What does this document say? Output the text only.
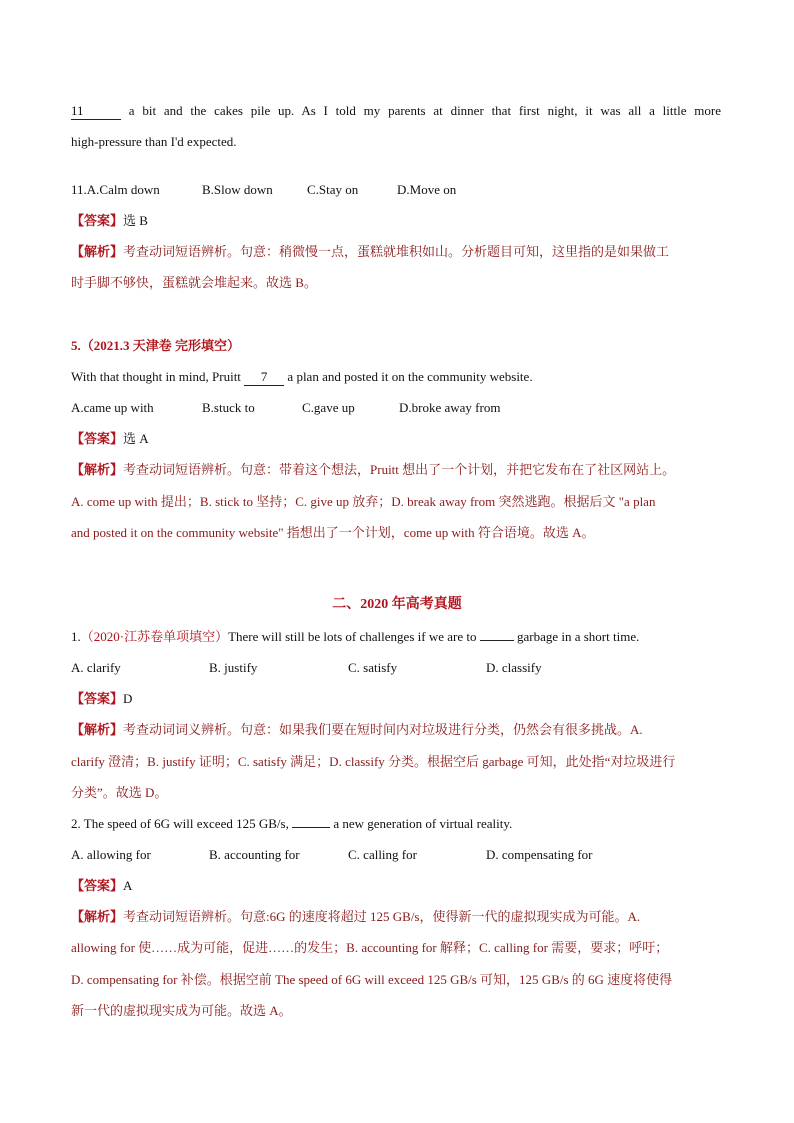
11	a bit and the cakes pile up. As I told my parents at dinner that first night, it was all a little more
high-pressure than I'd expected.
11.A.Calm down	B.Slow down	C.Stay on	D.Move on
【答案】选 B
【解析】考查动词短语辨析。句意：稍微慢一点，蛋糕就堆积如山。分析题目可知，这里指的是如果做工
时手脚不够快，蛋糕就会堆起来。故选 B。
5.（2021.3 天津卷 完形填空）
With that thought in mind, Pruitt 7 a plan and posted it on the community website.
A.came up with	B.stuck to	C.gave up	D.broke away from
【答案】选 A
【解析】考查动词短语辨析。句意：带着这个想法，Pruitt 想出了一个计划，并把它发布在了社区网站上。
A. come up with 提出；B. stick to 坚持；C. give up 放弃；D. break away from 突然逃跑。根据后文 "a plan
and posted it on the community website" 指想出了一个计划，come up with 符合语境。故选 A。
二、2020 年高考真题
1.（2020·江苏卷单项填空）There will still be lots of challenges if we are to	garbage in a short time.
A. clarify	B. justify	C. satisfy	D. classify
【答案】D
【解析】考查动词词义辨析。句意：如果我们要在短时间内对垃圾进行分类，仍然会有很多挑战。A.
clarify 澄清；B. justify 证明；C. satisfy 满足；D. classify 分类。根据空后 garbage 可知，此处指“对垃圾进行
分类”。故选 D。
2. The speed of 6G will exceed 125 GB/s,	a new generation of virtual reality.
A. allowing for	B. accounting for	C. calling for	D. compensating for
【答案】A
【解析】考查动词短语辨析。句意:6G 的速度将超过 125 GB/s，使得新一代的虚拟现实成为可能。A.
allowing for 使……成为可能，促进……的发生；B. accounting for 解释；C. calling for 需要，要求；呼吁；
D. compensating for 补偿。根据空前 The speed of 6G will exceed 125 GB/s 可知，125 GB/s 的 6G 速度将使得
新一代的虚拟现实成为可能。故选 A。
